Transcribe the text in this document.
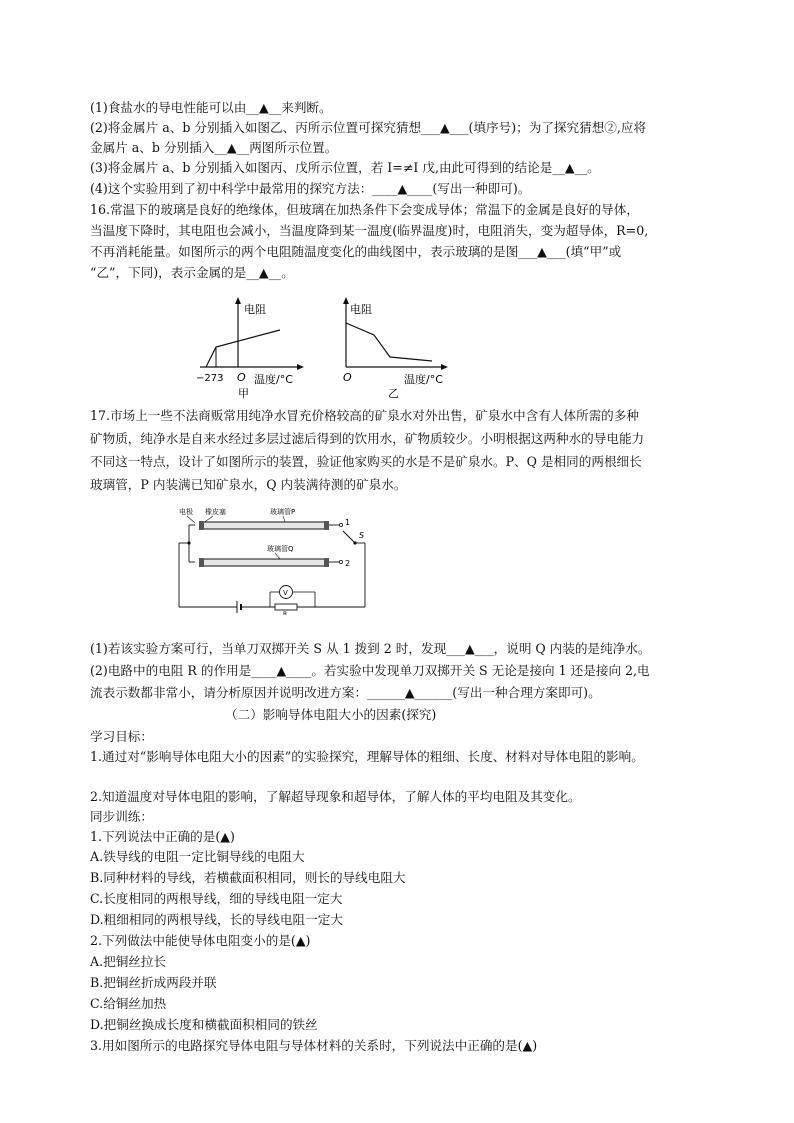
(1)食盐水的导电性能可以由__▲__来判断。
(2)将金属片 a、b 分别插入如图乙、丙所示位置可探究猜想___▲___(填序号)；为了探究猜想②,应将
金属片 a、b 分别插入__▲__两图所示位置。
(3)将金属片 a、b 分别插入如图丙、戊所示位置，若 I=≠I 戊,由此可得到的结论是__▲__。
(4)这个实验用到了初中科学中最常用的探究方法：____▲____(写出一种即可)。
16.常温下的玻璃是良好的绝缘体，但玻璃在加热条件下会变成导体；常温下的金属是良好的导体，
当温度下降时，其电阻也会减小，当温度降到某一温度(临界温度)时，电阻消失，变为超导体，R=0,
不再消耗能量。如图所示的两个电阻随温度变化的曲线图中，表示玻璃的是图___▲___(填“甲”或
“乙”，下同)，表示金属的是__▲__。
电阻
−273 O 温度/°C
甲
电阻
O	温度/°C
乙
17.市场上一些不法商贩常用纯净水冒充价格较高的矿泉水对外出售，矿泉水中含有人体所需的多种
矿物质，纯净水是自来水经过多层过滤后得到的饮用水，矿物质较少。小明根据这两种水的导电能力
不同这一特点，设计了如图所示的装置，验证他家购买的水是不是矿泉水。P、Q 是相同的两根细长
玻璃管，P 内装满已知矿泉水，Q 内装满待测的矿泉水。
电极 橡皮塞	玻璃管P
玻璃管Q
1
2
S
R
V
(1)若该实验方案可行，当单刀双掷开关 S 从 1 拨到 2 时，发现___▲___，说明 Q 内装的是纯净水。
(2)电路中的电阻 R 的作用是____▲____。若实验中发现单刀双掷开关 S 无论是接向 1 还是接向 2,电
流表示数都非常小，请分析原因并说明改进方案：______▲______(写出一种合理方案即可)。
（二）影响导体电阻大小的因素(探究)
学习目标：
1.通过对“影响导体电阻大小的因素”的实验探究，理解导体的粗细、长度、材料对导体电阻的影响。
2.知道温度对导体电阻的影响，了解超导现象和超导体，了解人体的平均电阻及其变化。
同步训练：
1.下列说法中正确的是(▲)
A.铁导线的电阻一定比铜导线的电阻大
B.同种材料的导线，若横截面积相同，则长的导线电阻大
C.长度相同的两根导线，细的导线电阻一定大
D.粗细相同的两根导线，长的导线电阻一定大
2.下列做法中能使导体电阻变小的是(▲)
A.把铜丝拉长
B.把铜丝折成两段并联
C.给铜丝加热
D.把铜丝换成长度和横截面积相同的铁丝
3.用如图所示的电路探究导体电阻与导体材料的关系时，下列说法中正确的是(▲)
